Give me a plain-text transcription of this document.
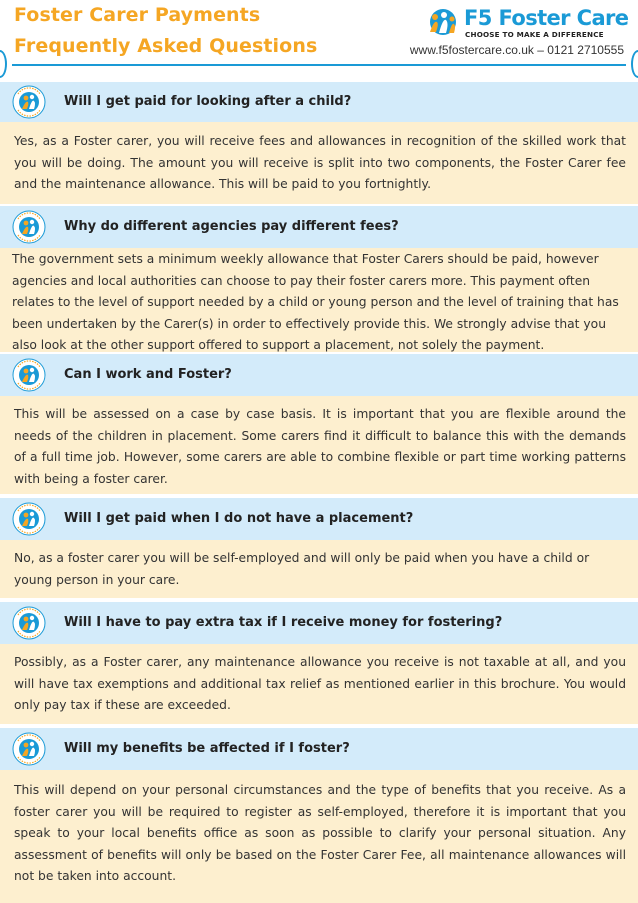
Foster Carer Payments
Frequently Asked Questions
F5 Foster Care
CHOOSE TO MAKE A DIFFERENCE
www.f5fostercare.co.uk – 0121 2710555
Will I get paid for looking after a child?
Yes, as a Foster carer, you will receive fees and allowances in recognition of the skilled work that you will be doing. The amount you will receive is split into two components, the Foster Carer fee and the maintenance allowance. This will be paid to you fortnightly.
Why do different agencies pay different fees?
The government sets a minimum weekly allowance that Foster Carers should be paid, however agencies and local authorities can choose to pay their foster carers more. This payment often relates to the level of support needed by a child or young person and the level of training that has been undertaken by the Carer(s) in order to effectively provide this. We strongly advise that you also look at the other support offered to support a placement, not solely the payment.
Can I work and Foster?
This will be assessed on a case by case basis. It is important that you are flexible around the needs of the children in placement. Some carers find it difficult to balance this with the demands of a full time job. However, some carers are able to combine flexible or part time working patterns with being a foster carer.
Will I get paid when I do not have a placement?
No, as a foster carer you will be self-employed and will only be paid when you have a child or young person in your care.
Will I have to pay extra tax if I receive money for fostering?
Possibly, as a Foster carer, any maintenance allowance you receive is not taxable at all, and you will have tax exemptions and additional tax relief as mentioned earlier in this brochure. You would only pay tax if these are exceeded.
Will my benefits be affected if I foster?
This will depend on your personal circumstances and the type of benefits that you receive. As a foster carer you will be required to register as self-employed, therefore it is important that you speak to your local benefits office as soon as possible to clarify your personal situation. Any assessment of benefits will only be based on the Foster Carer Fee, all maintenance allowances will not be taken into account.
